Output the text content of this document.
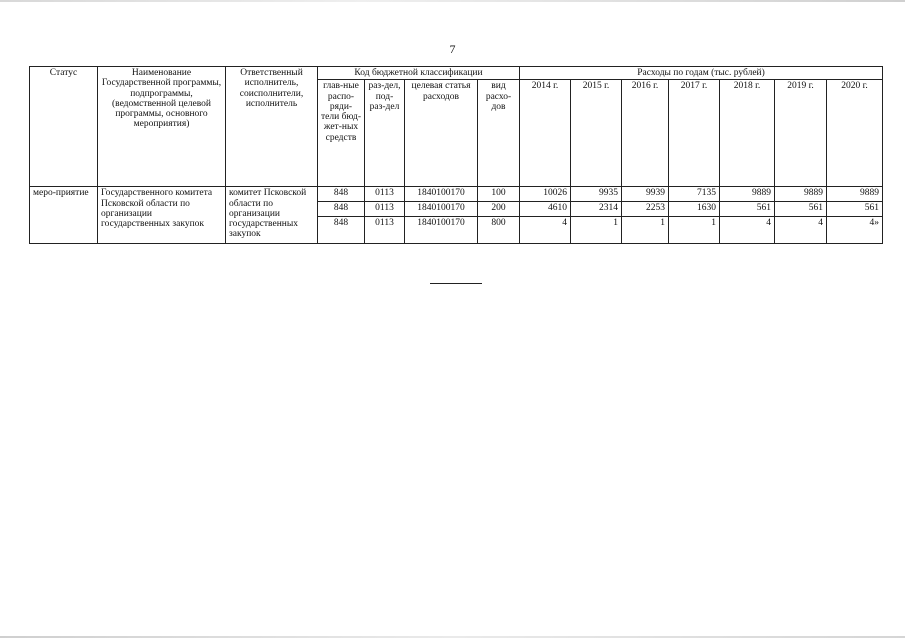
7
Статус	Наименование Государственной программы, подпрограммы, (ведомственной целевой программы, основного мероприятия)	Ответственный исполнитель, соисполнители, исполнитель	Код бюджетной классификации				Расходы по годам (тыс. рублей)						
			глав-ные распо-ряди-тели бюд-жет-ных средств	раз-дел, под-раз-дел	целевая статья расходов	вид расхо-дов	2014 г.	2015 г.	2016 г.	2017 г.	2018 г.	2019 г.	2020 г.
меро-приятие	Государственного комитета Псковской области по организации государственных закупок	комитет Псковской области по организации государственных закупок	848	0113	1840100170	100	10026	9935	9939	7135	9889	9889	9889
			848	0113	1840100170	200	4610	2314	2253	1630	561	561	561
			848	0113	1840100170	800	4	1	1	1	4	4	4»
